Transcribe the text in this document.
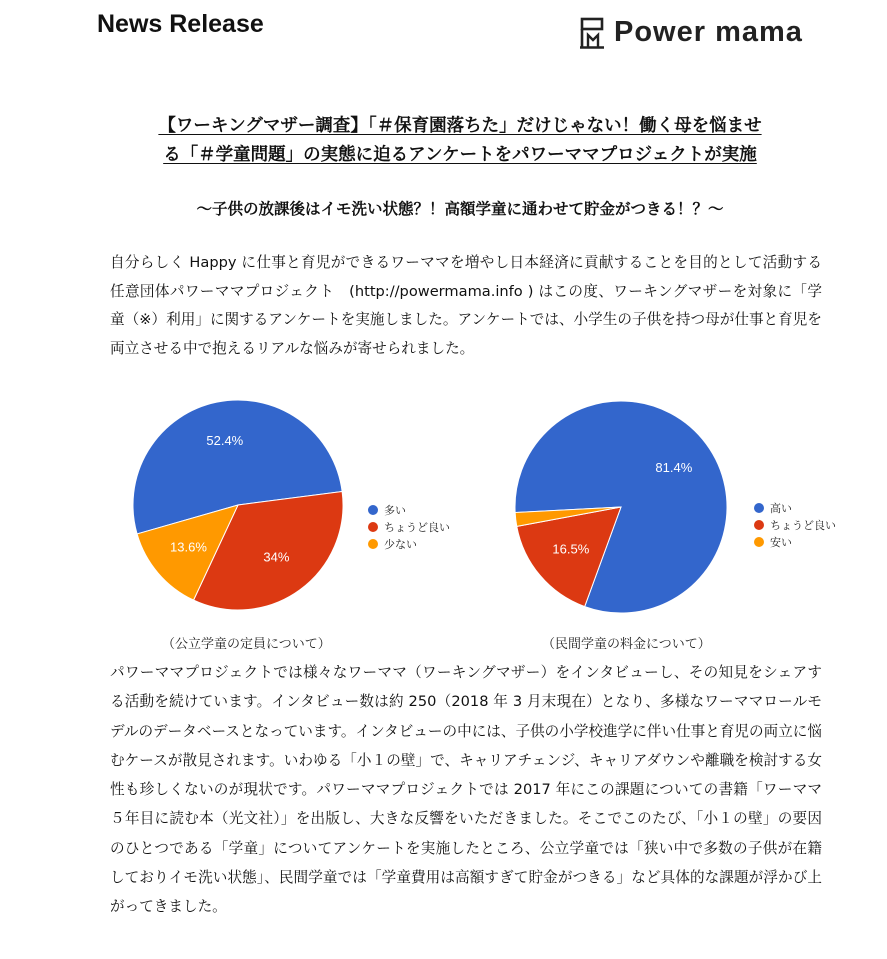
News Release	Power mama
【ワーキングマザー調査】「＃保育園落ちた」だけじゃない！働く母を悩ませ
る「＃学童問題」の実態に迫るアンケートをパワーママプロジェクトが実施
～子供の放課後はイモ洗い状態？！高額学童に通わせて貯金がつきる！？～

自分らしく Happy に仕事と育児ができるワーママを増やし日本経済に貢献することを目的として活動する任意団体パワーママプロジェクト　(http://powermama.info ) はこの度、ワーキングマザーを対象に「学童（※）利用」に関するアンケートを実施しました。アンケートでは、小学生の子供を持つ母が仕事と育児を両立させる中で抱えるリアルな悩みが寄せられました。

52.4%
34%
13.6%
多い
ちょうど良い
少ない
81.4%
16.5%
高い
ちょうど良い
安い
（公立学童の定員について）	（民間学童の料金について）

パワーママプロジェクトでは様々なワーママ（ワーキングマザー）をインタビューし、その知見をシェアする活動を続けています。インタビュー数は約 250（2018 年 3 月末現在）となり、多様なワーママロールモデルのデータベースとなっています。インタビューの中には、子供の小学校進学に伴い仕事と育児の両立に悩むケースが散見されます。いわゆる「小１の壁」で、キャリアチェンジ、キャリアダウンや離職を検討する女性も珍しくないのが現状です。パワーママプロジェクトでは 2017 年にこの課題についての書籍「ワーママ５年目に読む本（光文社）」を出版し、大きな反響をいただきました。そこでこのたび、「小１の壁」の要因のひとつである「学童」についてアンケートを実施したところ、公立学童では「狭い中で多数の子供が在籍しておりイモ洗い状態」、民間学童では「学童費用は高額すぎて貯金がつきる」など具体的な課題が浮かび上がってきました。
